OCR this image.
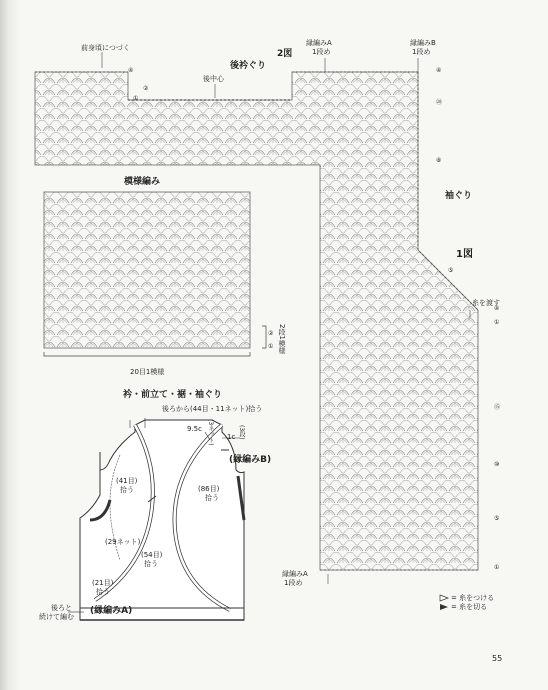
前身頃につづく
後衿ぐり
2図
縁編みA
1段め
縁編みB
1段め
後中心
袖ぐり
1図
糸を渡す
④
②
①
④
⑳
⑧
⑤
④
①
⑮
⑩
⑤
①
模様編み
20目1模様
2段1模様
②
①
縁編みA
1段め
衿・前立て・裾・袖ぐり
後ろから(44目・11ネット)拾う
9.5c (3ネット) 1c (3段)
(縁編みB)
(41目)
拾う	(86目)
拾う
(29ネット)
(54目)
拾う
(21目)
拾う
後ろと
続けて編む
(縁編みA)
= 糸をつける
= 糸を切る
55
